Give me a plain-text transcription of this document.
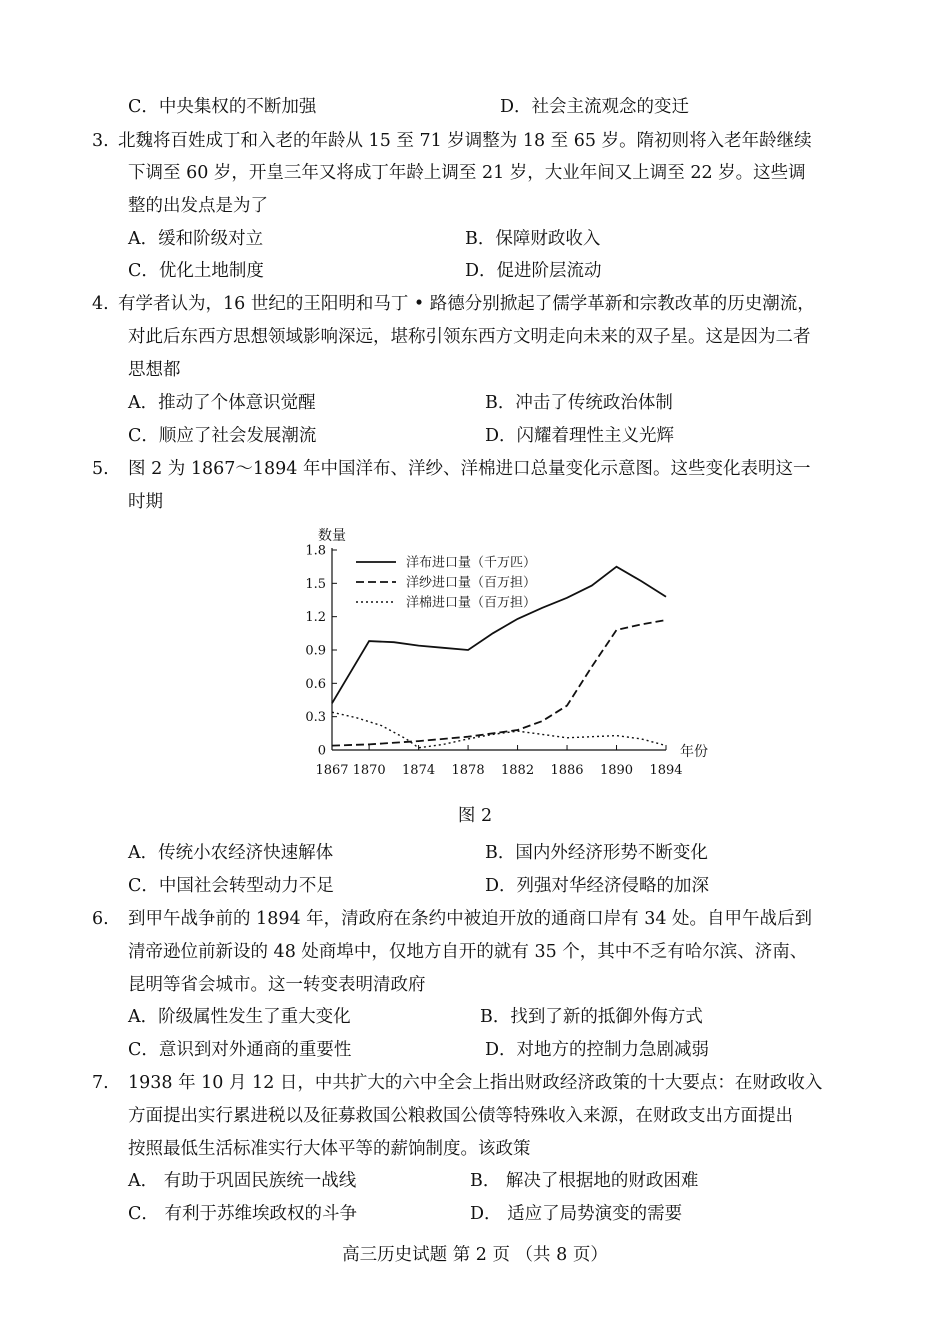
C．中央集权的不断加强	D．社会主流观念的变迁
3. 北魏将百姓成丁和入老的年龄从 15 至 71 岁调整为 18 至 65 岁。隋初则将入老年龄继续
下调至 60 岁，开皇三年又将成丁年龄上调至 21 岁，大业年间又上调至 22 岁。这些调
整的出发点是为了
A．缓和阶级对立	B．保障财政收入
C．优化土地制度	D．促进阶层流动
4. 有学者认为，16 世纪的王阳明和马丁 • 路德分别掀起了儒学革新和宗教改革的历史潮流，
对此后东西方思想领域影响深远，堪称引领东西方文明走向未来的双子星。这是因为二者
思想都
A．推动了个体意识觉醒	B．冲击了传统政治体制
C．顺应了社会发展潮流	D．闪耀着理性主义光辉
5. 图 2 为 1867～1894 年中国洋布、洋纱、洋棉进口总量变化示意图。这些变化表明这一
时期
0
0.3
0.6
0.9
1.2
1.5
1.8
1867 1870 1874 1878 1882 1886 1890 1894
数量
年份
洋布进口量（千万匹）
洋纱进口量（百万担）
洋棉进口量（百万担）
图 2
A．传统小农经济快速解体	B．国内外经济形势不断变化
C．中国社会转型动力不足	D．列强对华经济侵略的加深
6. 到甲午战争前的 1894 年，清政府在条约中被迫开放的通商口岸有 34 处。自甲午战后到
清帝逊位前新设的 48 处商埠中，仅地方自开的就有 35 个，其中不乏有哈尔滨、济南、
昆明等省会城市。这一转变表明清政府
A．阶级属性发生了重大变化	B．找到了新的抵御外侮方式
C．意识到对外通商的重要性	D．对地方的控制力急剧减弱
7. 1938 年 10 月 12 日，中共扩大的六中全会上指出财政经济政策的十大要点：在财政收入
方面提出实行累进税以及征募救国公粮救国公债等特殊收入来源，在财政支出方面提出
按照最低生活标准实行大体平等的薪饷制度。该政策
A． 有助于巩固民族统一战线	B． 解决了根据地的财政困难
C． 有利于苏维埃政权的斗争	D． 适应了局势演变的需要
高三历史试题 第 2 页 （共 8 页）
